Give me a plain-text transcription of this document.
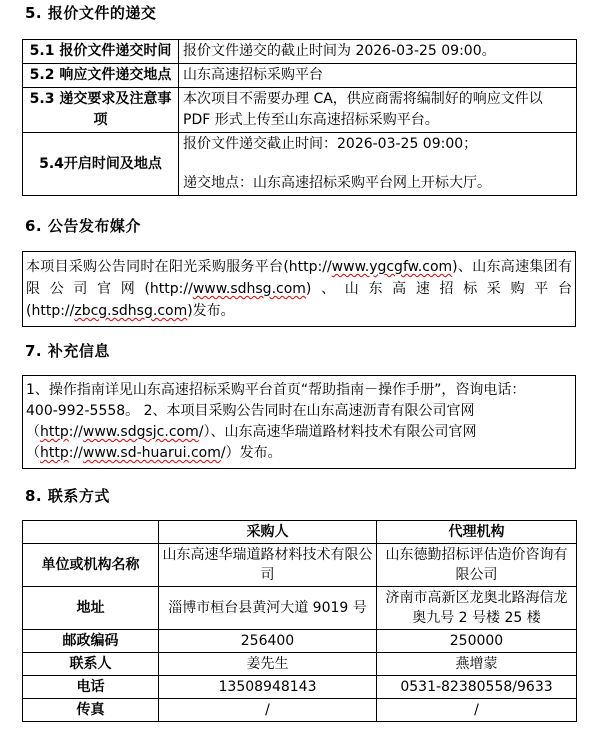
5. 报价文件的递交
5.1 报价文件递交时间	报价文件递交的截止时间为 2026-03-25 09:00。
5.2 响应文件递交地点	山东高速招标采购平台
5.3 递交要求及注意事项	本次项目不需要办理 CA，供应商需将编制好的响应文件以 PDF 形式上传至山东高速招标采购平台。
5.4开启时间及地点	报价文件递交截止时间：2026-03-25 09:00；
递交地点：山东高速招标采购平台网上开标大厅。
6. 公告发布媒介
本项目采购公告同时在阳光采购服务平台(http://www.ygcgfw.com)、山东高速集团有限公司官网(http://www.sdhsg.com)、山东高速招标采购平台(http://zbcg.sdhsg.com)发布。
7. 补充信息
1、操作指南详见山东高速招标采购平台首页“帮助指南－操作手册”，咨询电话：
400-992-5558。 2、本项目采购公告同时在山东高速沥青有限公司官网
（http://www.sdgsjc.com/）、山东高速华瑞道路材料技术有限公司官网
（http://www.sd-huarui.com/）发布。
8. 联系方式
	采购人	代理机构
单位或机构名称	山东高速华瑞道路材料技术有限公司	山东德勤招标评估造价咨询有限公司
地址	淄博市桓台县黄河大道 9019 号	济南市高新区龙奥北路海信龙奥九号 2 号楼 25 楼
邮政编码	256400	250000
联系人	姜先生	燕增蒙
电话	13508948143	0531-82380558/9633
传真	/	/
